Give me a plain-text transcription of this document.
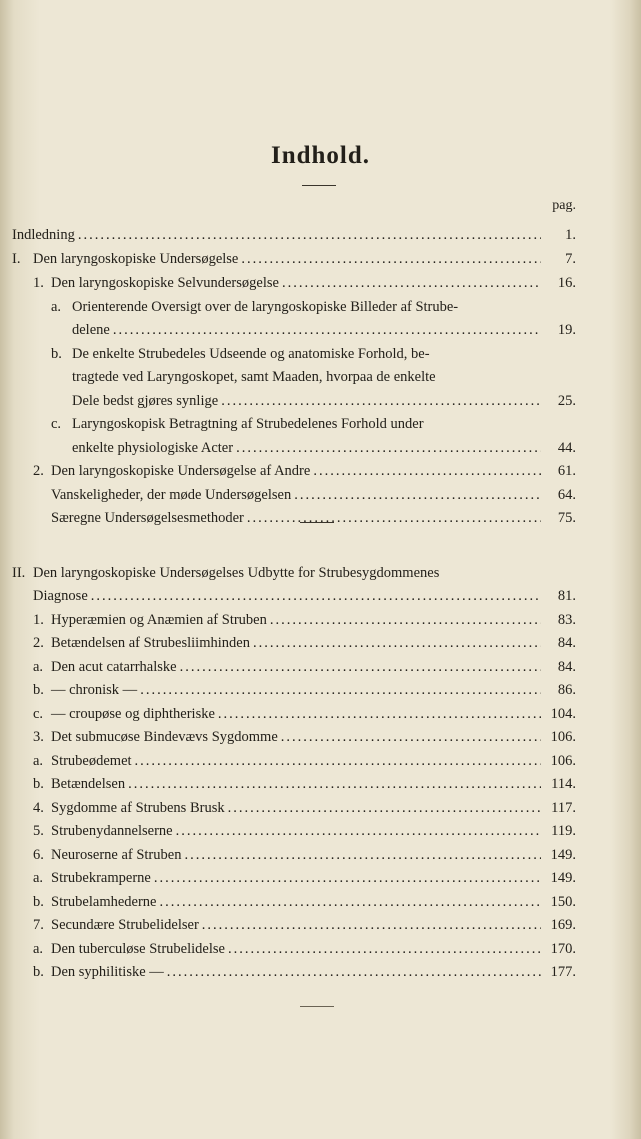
Indhold.
pag.
Indledning .....	1.
I. Den laryngoskopiske Undersøgelse .....	7.
1. Den laryngoskopiske Selvundersøgelse .....	16.
a. Orienterende Oversigt over de laryngoskopiske Billeder af Strube-
delene .....	19.
b. De enkelte Strubedeles Udseende og anatomiske Forhold, be-
tragtede ved Laryngoskopet, samt Maaden, hvorpaa de enkelte
Dele bedst gjøres synlige .....	25.
c. Laryngoskopisk Betragtning af Strubedelenes Forhold under
enkelte physiologiske Acter .....	44.
2. Den laryngoskopiske Undersøgelse af Andre .....	61.
Vanskeligheder, der møde Undersøgelsen .....	64.
Særegne Undersøgelsesmethoder .....	75.
II. Den laryngoskopiske Undersøgelses Udbytte for Strubesygdommenes
Diagnose .....	81.
1. Hyperæmien og Anæmien af Struben .....	83.
2. Betændelsen af Strubesliimhinden .....	84.
a. Den acut catarrhalske .....	84.
b. — chronisk — .....	86.
c. — croupøse og diphtheriske .....	104.
3. Det submucøse Bindevævs Sygdomme .....	106.
a. Strubeødemet .....	106.
b. Betændelsen .....	114.
4. Sygdomme af Strubens Brusk .....	117.
5. Strubenydannelserne .....	119.
6. Neuroserne af Struben .....	149.
a. Strubekramperne .....	149.
b. Strubelamhederne .....	150.
7. Secundære Strubelidelser .....	169.
a. Den tuberculøse Strubelidelse .....	170.
b. Den syphilitiske — .....	177.
